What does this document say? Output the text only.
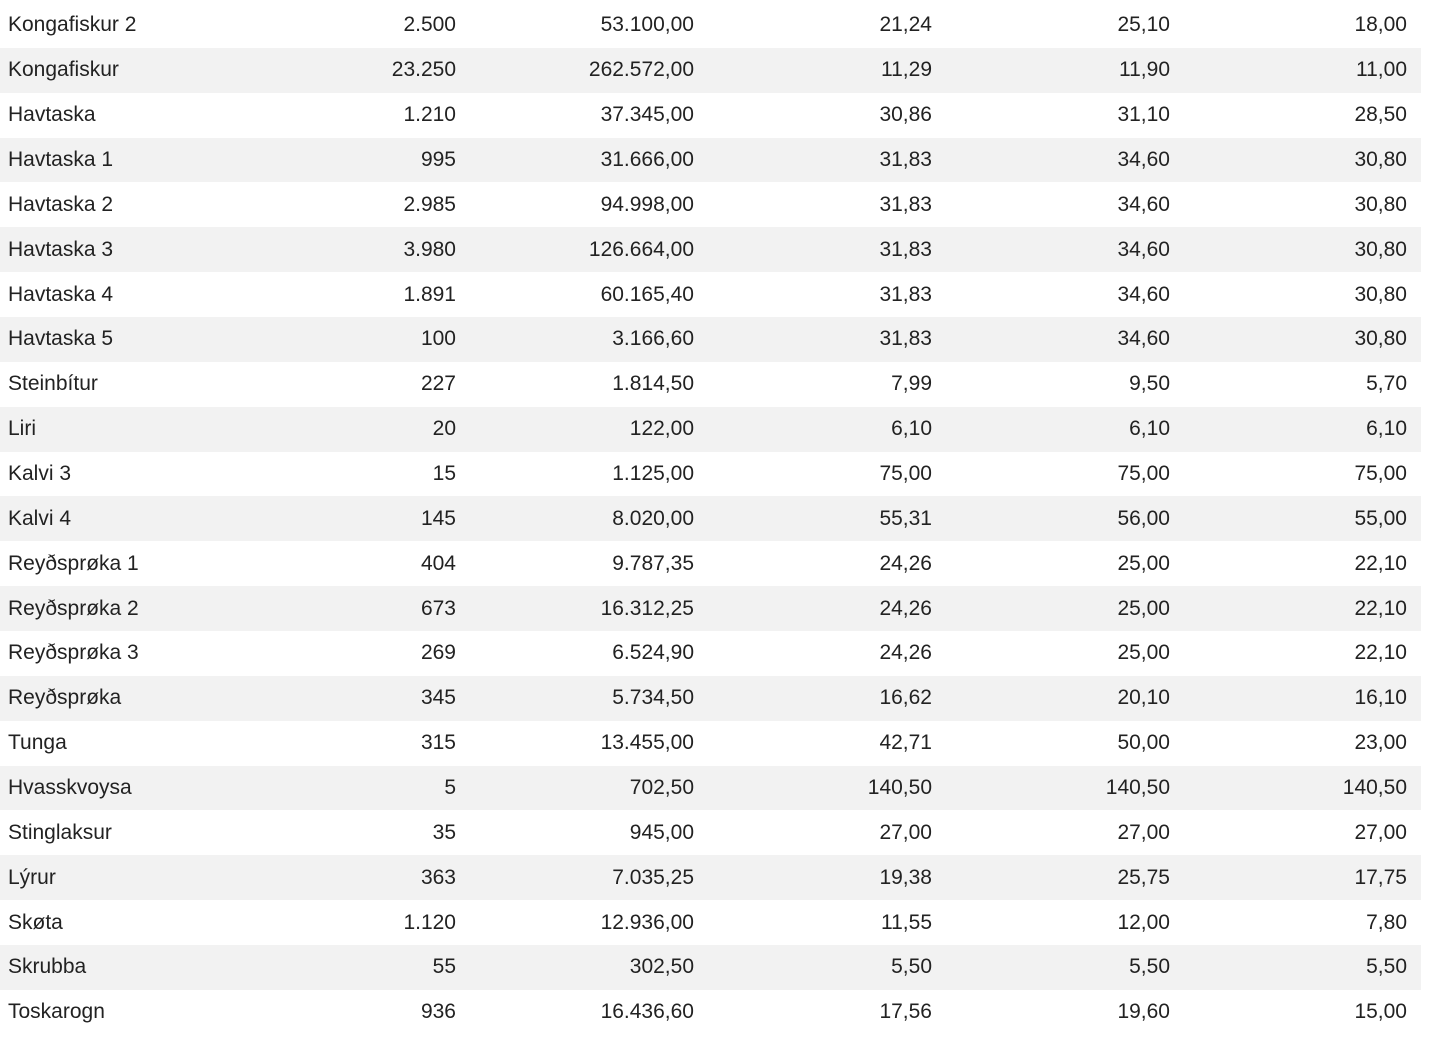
Kongafiskur 2	2.500	53.100,00	21,24	25,10	18,00
Kongafiskur	23.250	262.572,00	11,29	11,90	11,00
Havtaska	1.210	37.345,00	30,86	31,10	28,50
Havtaska 1	995	31.666,00	31,83	34,60	30,80
Havtaska 2	2.985	94.998,00	31,83	34,60	30,80
Havtaska 3	3.980	126.664,00	31,83	34,60	30,80
Havtaska 4	1.891	60.165,40	31,83	34,60	30,80
Havtaska 5	100	3.166,60	31,83	34,60	30,80
Steinbítur	227	1.814,50	7,99	9,50	5,70
Liri	20	122,00	6,10	6,10	6,10
Kalvi 3	15	1.125,00	75,00	75,00	75,00
Kalvi 4	145	8.020,00	55,31	56,00	55,00
Reyðsprøka 1	404	9.787,35	24,26	25,00	22,10
Reyðsprøka 2	673	16.312,25	24,26	25,00	22,10
Reyðsprøka 3	269	6.524,90	24,26	25,00	22,10
Reyðsprøka	345	5.734,50	16,62	20,10	16,10
Tunga	315	13.455,00	42,71	50,00	23,00
Hvasskvoysa	5	702,50	140,50	140,50	140,50
Stinglaksur	35	945,00	27,00	27,00	27,00
Lýrur	363	7.035,25	19,38	25,75	17,75
Skøta	1.120	12.936,00	11,55	12,00	7,80
Skrubba	55	302,50	5,50	5,50	5,50
Toskarogn	936	16.436,60	17,56	19,60	15,00
